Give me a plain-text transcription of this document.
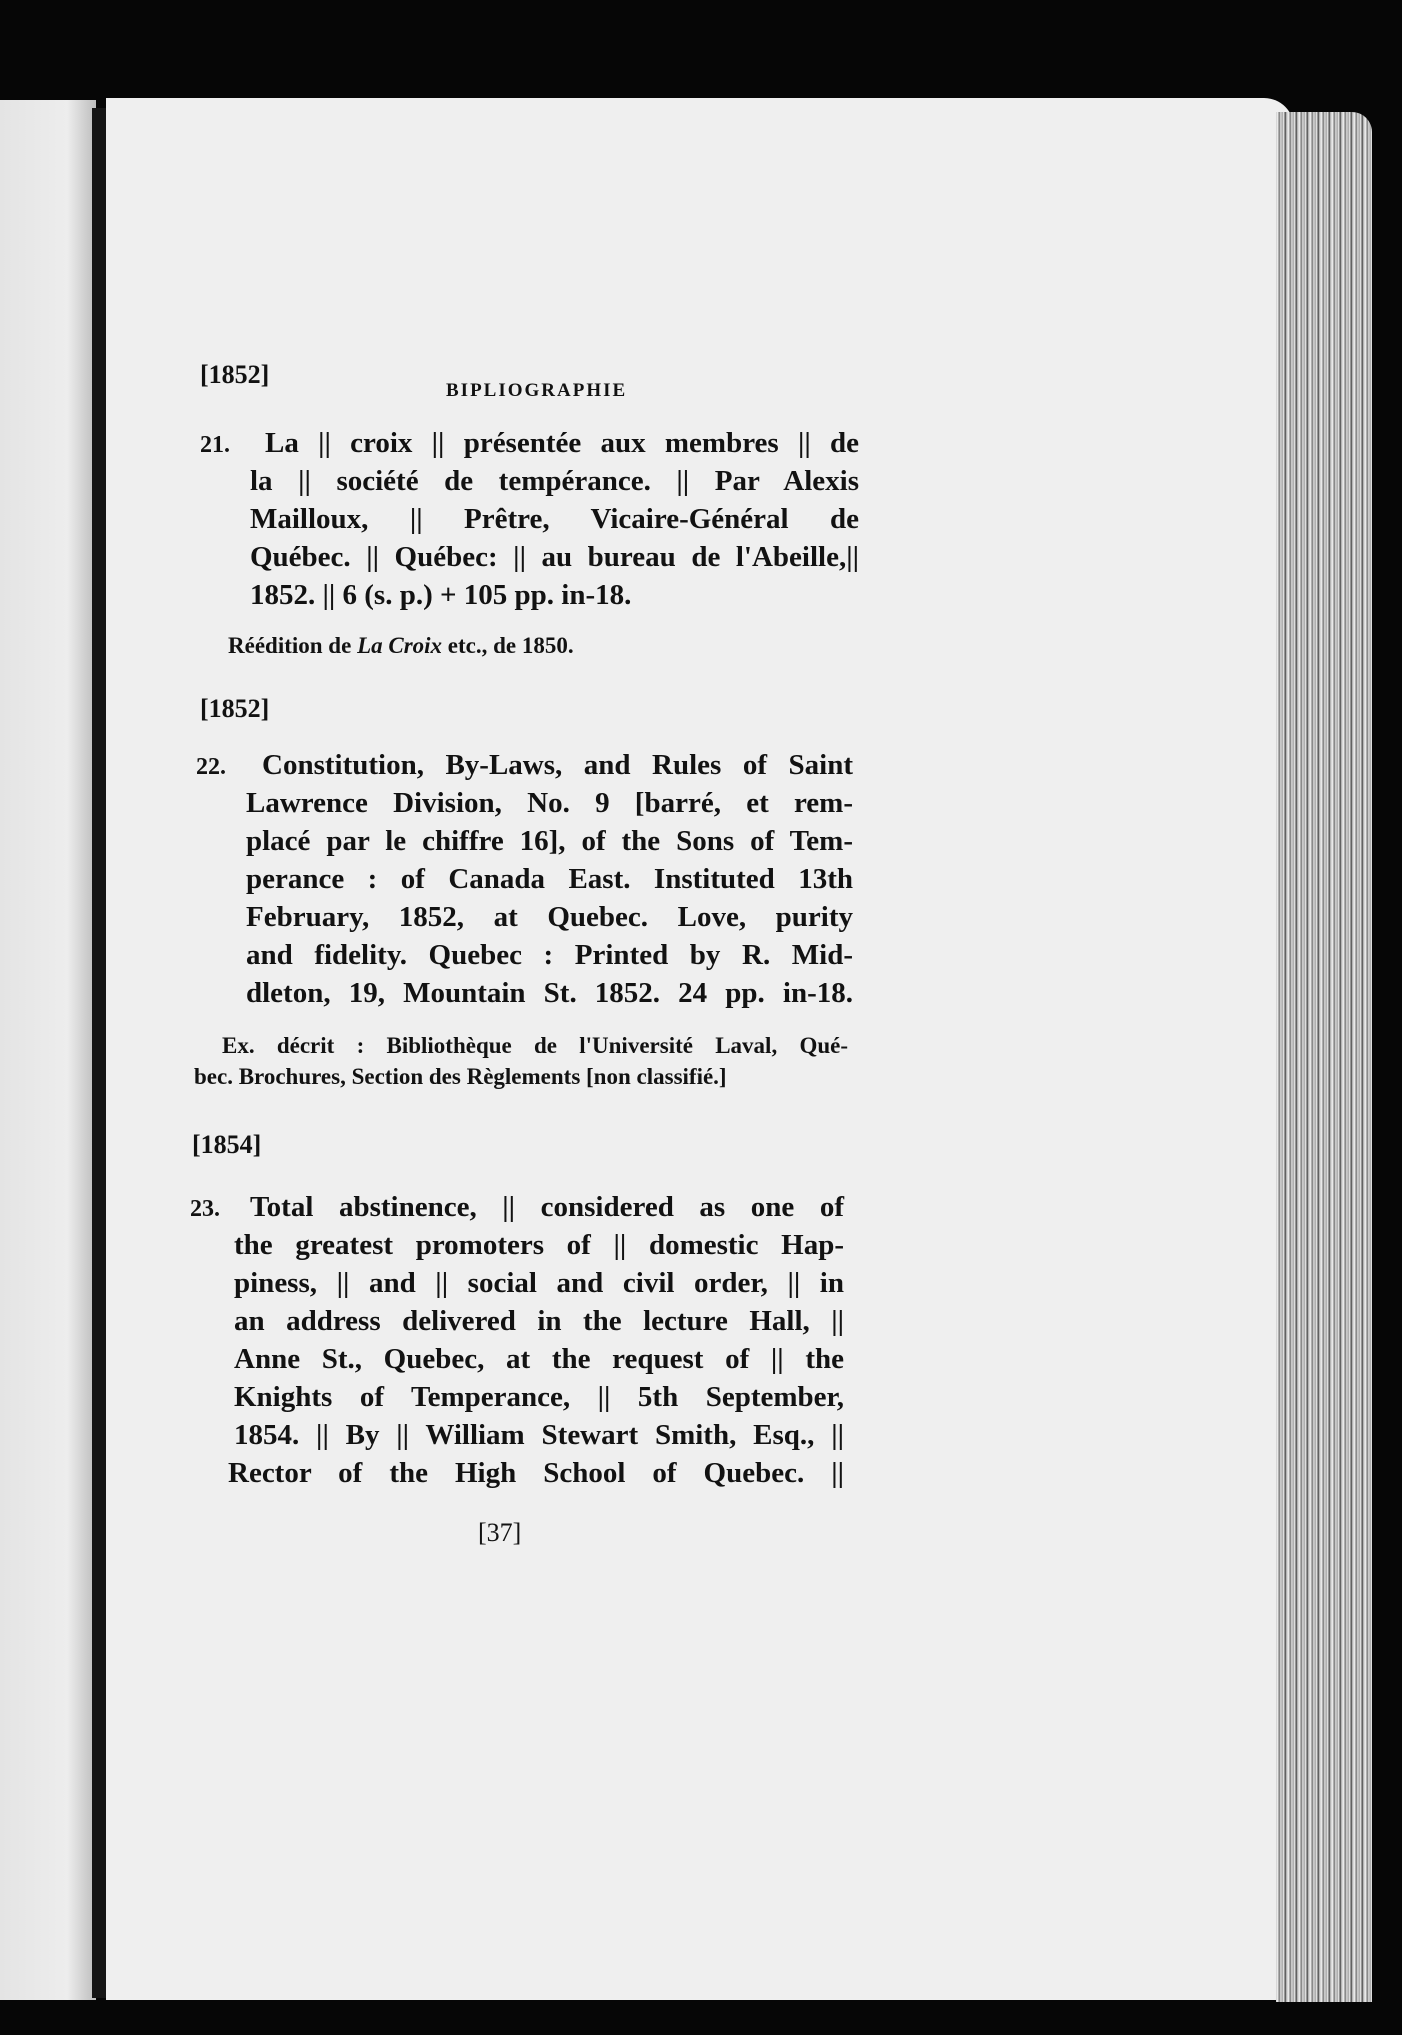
[1852]
BIPLIOGRAPHIE
21. La || croix || présentée aux membres || de
la || société de tempérance. || Par Alexis
Mailloux, || Prêtre, Vicaire-Général de
Québec. || Québec: || au bureau de l'Abeille,||
1852. || 6 (s. p.) + 105 pp. in-18.
Réédition de La Croix etc., de 1850.
[1852]
22. Constitution, By-Laws, and Rules of Saint
Lawrence Division, No. 9 [barré, et rem-
placé par le chiffre 16], of the Sons of Tem-
perance : of Canada East. Instituted 13th
February, 1852, at Quebec. Love, purity
and fidelity. Quebec : Printed by R. Mid-
dleton, 19, Mountain St. 1852. 24 pp. in-18.
Ex. décrit : Bibliothèque de l'Université Laval, Qué-
bec. Brochures, Section des Règlements [non classifié.]
[1854]
23. Total abstinence, || considered as one of
the greatest promoters of || domestic Hap-
piness, || and || social and civil order, || in
an address delivered in the lecture Hall, ||
Anne St., Quebec, at the request of || the
Knights of Temperance, || 5th September,
1854. || By || William Stewart Smith, Esq., ||
Rector of the High School of Quebec. ||
[37]
